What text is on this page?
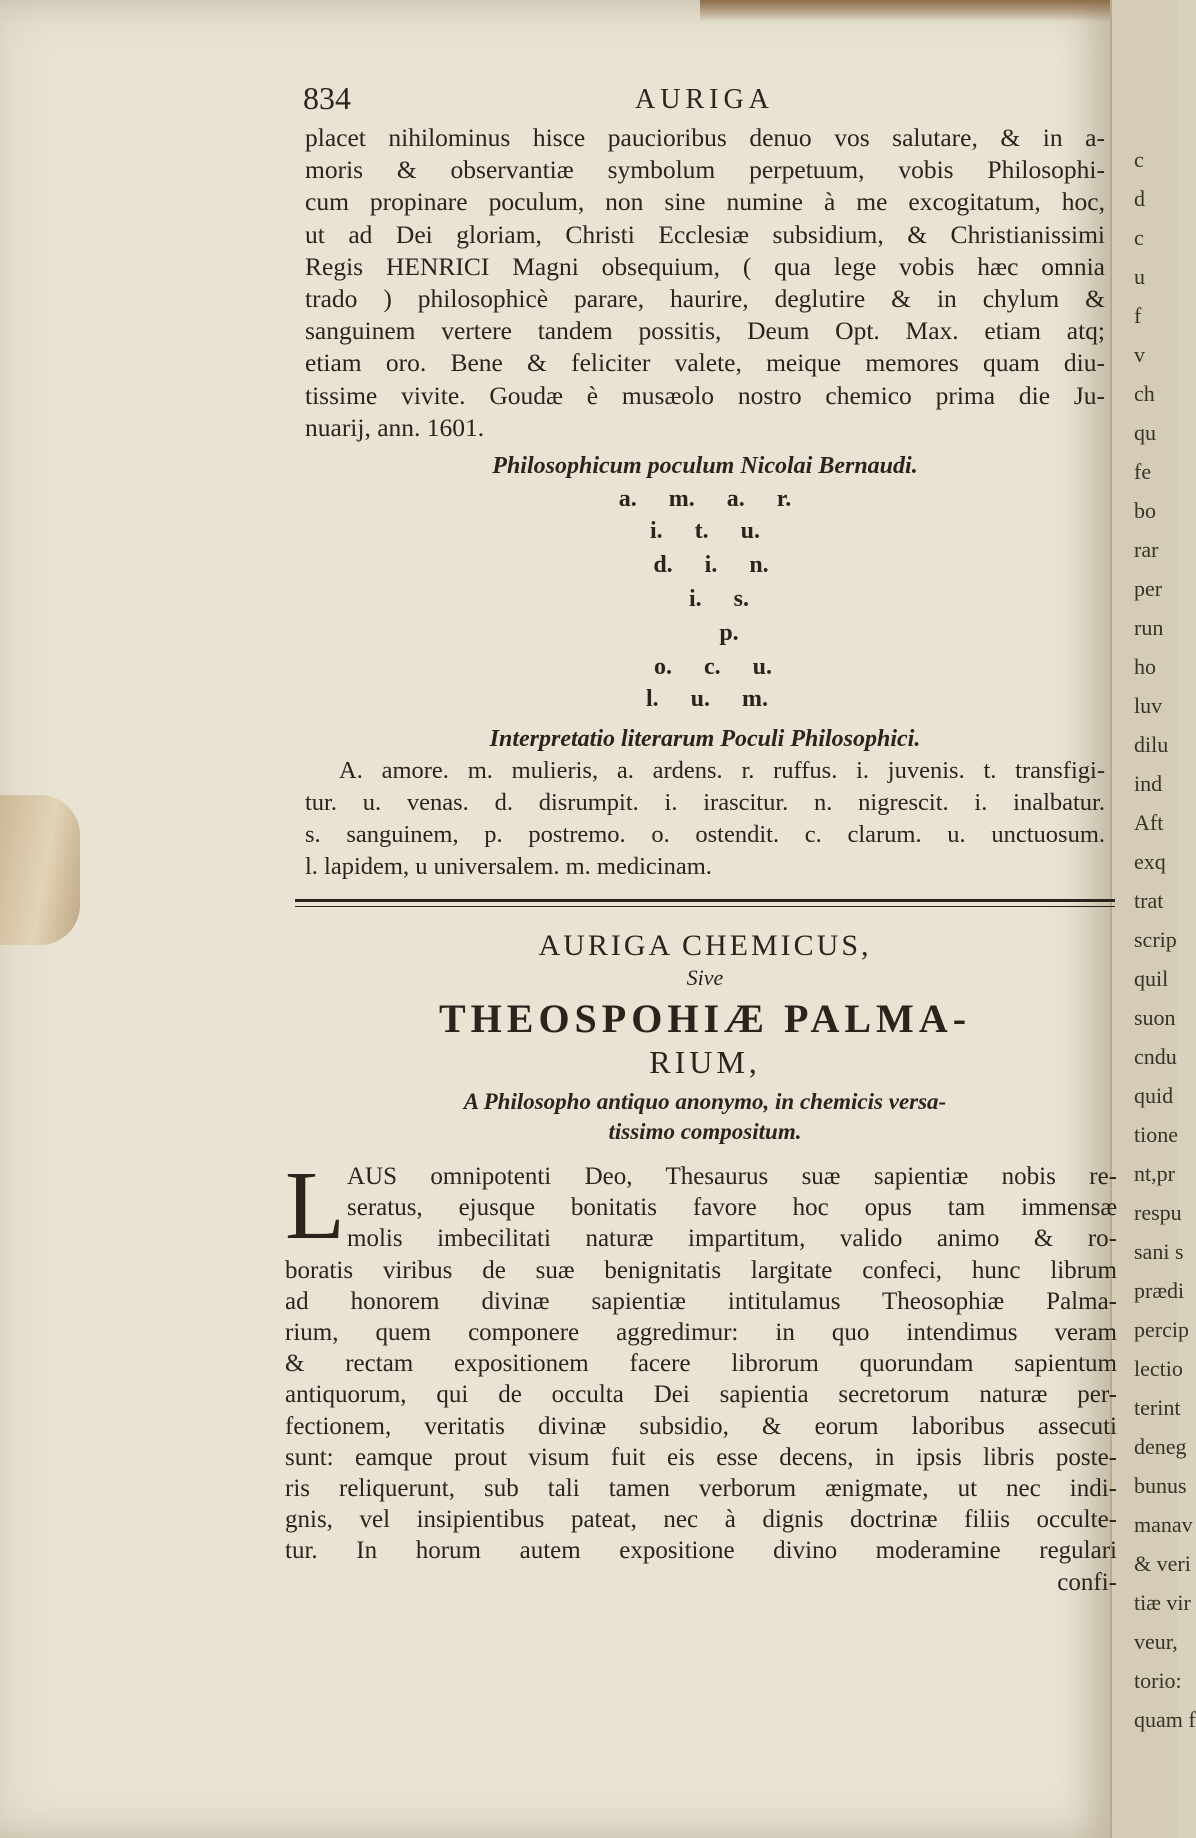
c
d
c
u
f
v
ch
qu
fe
bo
rar
per
run
ho
luv
dilu
ind
Aft
exq
trat
scrip
quil
suon
cndu
quid
tione
nt,pr
respu
sani s
prædi
percip
lectio
terint
deneg
bunus
manav
& veri
tiæ vir
veur,
torio:
quam f
834	AURIGA
placet nihilominus hisce paucioribus denuo vos salutare, & in a-
moris & observantiæ symbolum perpetuum, vobis Philosophi-
cum propinare poculum, non sine numine à me excogitatum, hoc,
ut ad Dei gloriam, Christi Ecclesiæ subsidium, & Christianissimi
Regis HENRICI Magni obsequium, ( qua lege vobis hæc omnia
trado ) philosophicè parare, haurire, deglutire & in chylum &
sanguinem vertere tandem possitis, Deum Opt. Max. etiam atq;
etiam oro. Bene & feliciter valete, meique memores quam diu-
tissime vivite. Goudæ è musæolo nostro chemico prima die Ju-
nuarij, ann. 1601.
Philosophicum poculum Nicolai Bernaudi.
a. m. a. r.
i. t. u.
d. i. n.
i. s.
p.
o. c. u.
l. u. m.
Interpretatio literarum Poculi Philosophici.
A. amore. m. mulieris, a. ardens. r. ruffus. i. juvenis. t. transfigi-
tur. u. venas. d. disrumpit. i. irascitur. n. nigrescit. i. inalbatur.
s. sanguinem, p. postremo. o. ostendit. c. clarum. u. unctuosum.
l. lapidem, u universalem. m. medicinam.
AURIGA CHEMICUS,
Sive
THEOSPOHIÆ PALMA-
RIUM,
A Philosopho antiquo anonymo, in chemicis versa-
tissimo compositum.
L AUS omnipotenti Deo, Thesaurus suæ sapientiæ nobis re-
seratus, ejusque bonitatis favore hoc opus tam immensæ
molis imbecilitati naturæ impartitum, valido animo & ro-
boratis viribus de suæ benignitatis largitate confeci, hunc librum
ad honorem divinæ sapientiæ intitulamus Theosophiæ Palma-
rium, quem componere aggredimur: in quo intendimus veram
& rectam expositionem facere librorum quorundam sapientum
antiquorum, qui de occulta Dei sapientia secretorum naturæ per-
fectionem, veritatis divinæ subsidio, & eorum laboribus assecuti
sunt: eamque prout visum fuit eis esse decens, in ipsis libris poste-
ris reliquerunt, sub tali tamen verborum ænigmate, ut nec indi-
gnis, vel insipientibus pateat, nec à dignis doctrinæ filiis occulte-
tur. In horum autem expositione divino moderamine regulari
confi-
